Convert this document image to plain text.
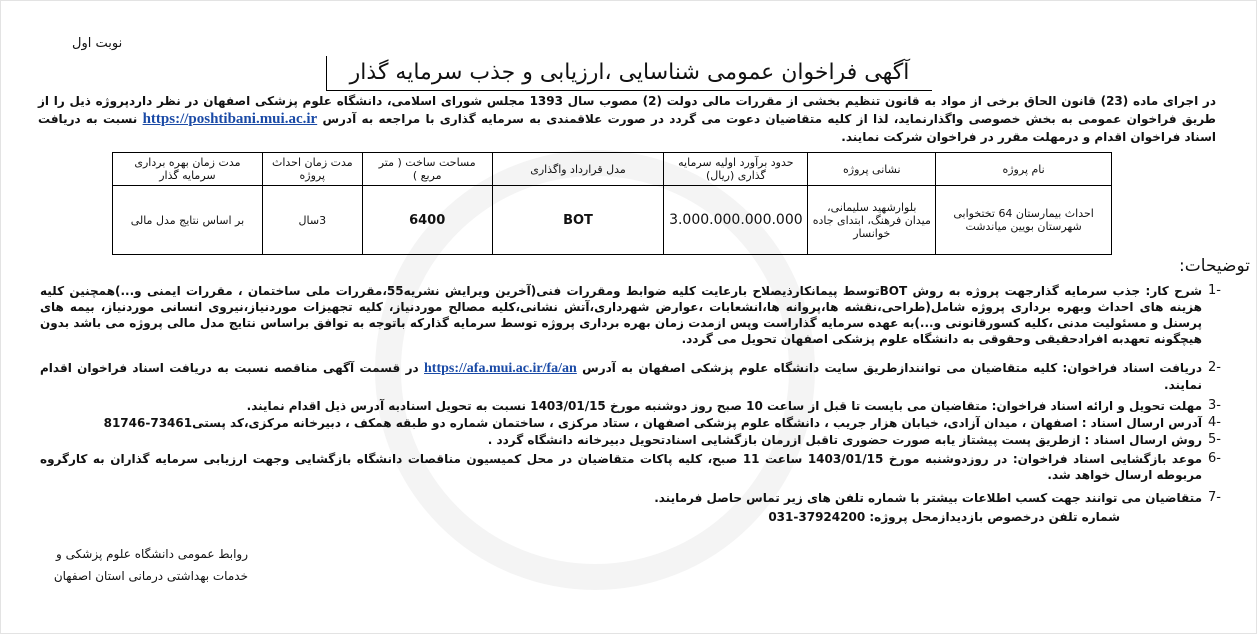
نوبت اول
آگهی فراخوان عمومی شناسایی ،ارزیابی و جذب سرمایه گذار
در اجرای ماده (23) قانون الحاق برخی از مواد به قانون تنظیم بخشی از مقررات مالی دولت (2) مصوب سال 1393 مجلس شورای اسلامی، دانشگاه علوم پزشکی اصفهان در نظر داردپروژه ذیل را از طریق فراخوان عمومی به بخش خصوصی واگذارنماید، لذا از کلیه متقاضیان دعوت می گردد در صورت علاقمندی به سرمایه گذاری با مراجعه به آدرس https://poshtibani.mui.ac.ir نسبت به دریافت اسناد فراخوان اقدام و درمهلت مقرر در فراخوان شرکت نمایند.
نام پروژه	نشانی پروژه	حدود برآورد اولیه سرمایه گذاری (ریال)	مدل قرارداد واگذاری	مساحت ساخت ( متر مربع )	مدت زمان احداث پروژه	مدت زمان بهره برداری سرمایه گذار
احداث بیمارستان 64 تختخوابی شهرستان بویین میاندشت	بلوارشهید سلیمانی، میدان فرهنگ، ابتدای جاده خوانسار	3.000.000.000.000	BOT	6400	3سال	بر اساس نتایج مدل مالی
توضیحات:
1-
شرح کار: جذب سرمایه گذارجهت پروژه به روش BOTتوسط پیمانکارذیصلاح بارعایت کلیه ضوابط ومقررات فنی(آخرین ویرایش نشریه55،مقررات ملی ساختمان ، مقررات ایمنی و...)همچنین کلیه هزینه های احداث وبهره برداری پروژه شامل(طراحی،نقشه ها،پروانه ها،انشعابات ،عوارض شهرداری،آتش نشانی،کلیه مصالح موردنیاز، کلیه تجهیزات موردنیاز،نیروی انسانی موردنیاز، بیمه های پرسنل و مسئولیت مدنی ،کلیه کسورقانونی و...)به عهده سرمایه گذاراست وپس ازمدت زمان بهره برداری پروژه توسط سرمایه گذارکه باتوجه به توافق براساس نتایج مدل مالی پروژه می باشد بدون هیچگونه تعهدبه افرادحقیقی وحقوقی به دانشگاه علوم پزشکی اصفهان تحویل می گردد.
2-
دریافت اسناد فراخوان: کلیه متقاضیان می توانندازطریق سایت دانشگاه علوم پزشکی اصفهان به آدرس https://afa.mui.ac.ir/fa/an در قسمت آگهی مناقصه نسبت به دریافت اسناد فراخوان اقدام نمایند.
3-
مهلت تحویل و ارائه اسناد فراخوان: متقاضیان می بایست تا قبل از ساعت 10 صبح روز دوشنبه مورخ 1403/01/15 نسبت به تحویل اسنادبه آدرس ذیل اقدام نمایند.
4-
آدرس ارسال اسناد : اصفهان ، میدان آزادی، خیابان هزار جریب ، دانشگاه علوم پزشکی اصفهان ، ستاد مرکزی ، ساختمان شماره دو طبقه همکف ، دبیرخانه مرکزی،کد پستی73461-81746
5-
روش ارسال اسناد : ازطریق پست پیشتاز یابه صورت حضوری تاقبل ازرمان بازگشایی اسنادتحویل دبیرخانه دانشگاه گردد .
6-
موعد بازگشایی اسناد فراخوان: در روزدوشنبه مورخ 1403/01/15 ساعت 11 صبح، کلیه پاکات متقاضیان در محل کمیسیون مناقصات دانشگاه بازگشایی وجهت ارزیابی سرمایه گذاران به کارگروه مربوطه ارسال خواهد شد.
7-
متقاضیان می توانند جهت کسب اطلاعات بیشتر با شماره تلفن های زیر تماس حاصل فرمایند.
شماره تلفن درخصوص بازدیدازمحل پروژه: 37924200-031
روابط عمومی دانشگاه علوم پزشکی و
خدمات بهداشتی درمانی استان اصفهان
